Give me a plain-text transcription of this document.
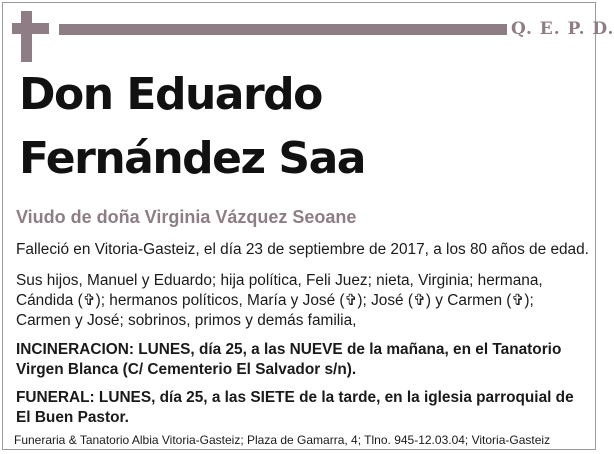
Q. E. P. D.
Don Eduardo
Fernández Saa
Viudo de doña Virginia Vázquez Seoane
Falleció en Vitoria-Gasteiz, el día 23 de septiembre de 2017, a los 80 años de edad.
Sus hijos, Manuel y Eduardo; hija política, Feli Juez; nieta, Virginia; hermana, Cándida (✞); hermanos políticos, María y José (✞); José (✞) y Carmen (✞); Carmen y José; sobrinos, primos y demás familia,
INCINERACION: LUNES, día 25, a las NUEVE de la mañana, en el Tanatorio Virgen Blanca (C/ Cementerio El Salvador s/n).
FUNERAL: LUNES, día 25, a las SIETE de la tarde, en la iglesia parroquial de El Buen Pastor.
Funeraria & Tanatorio Albia Vitoria-Gasteiz; Plaza de Gamarra, 4; Tlno. 945-12.03.04; Vitoria-Gasteiz
